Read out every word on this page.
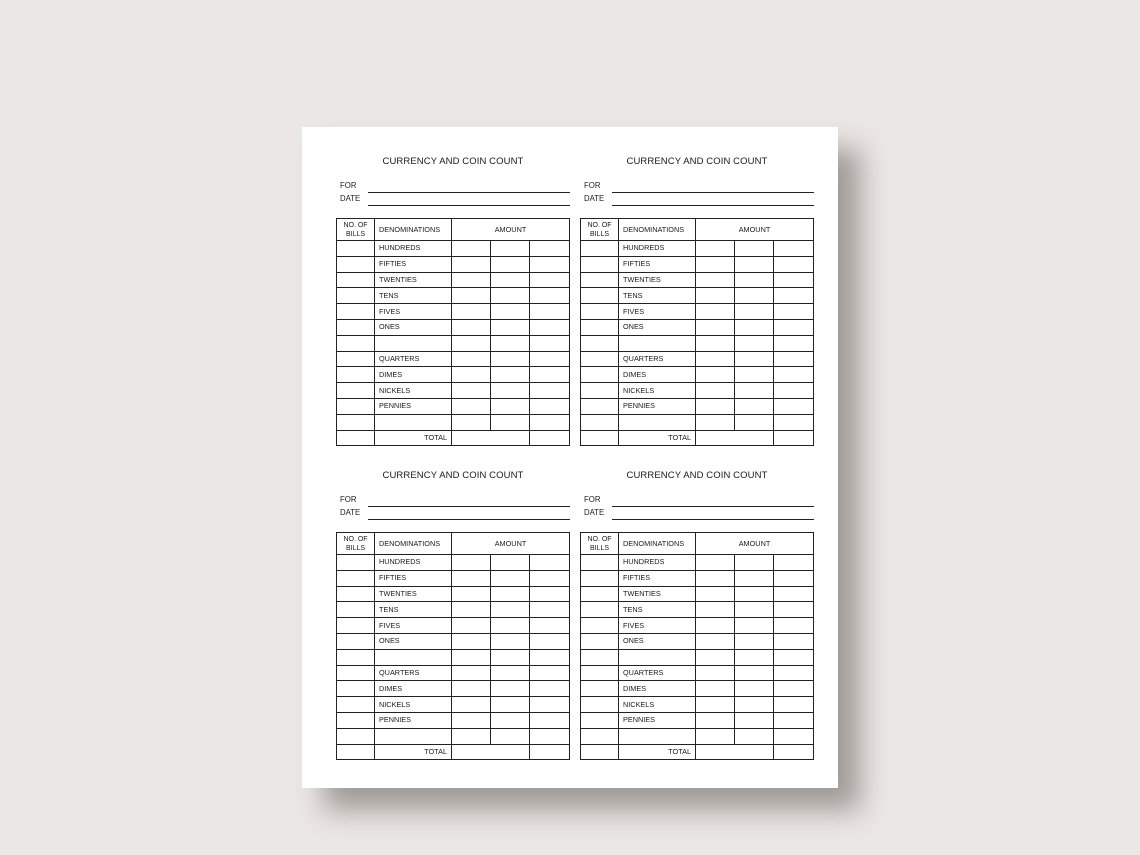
CURRENCY AND COIN COUNT
FOR
DATE
NO. OF
BILLS	DENOMINATIONS	AMOUNT		
	HUNDREDS			
	FIFTIES			
	TWENTIES			
	TENS			
	FIVES			
	ONES			

	QUARTERS			
	DIMES			
	NICKELS			
	PENNIES			

	TOTAL			
CURRENCY AND COIN COUNT
FOR
DATE
NO. OF
BILLS	DENOMINATIONS	AMOUNT		
	HUNDREDS			
	FIFTIES			
	TWENTIES			
	TENS			
	FIVES			
	ONES			

	QUARTERS			
	DIMES			
	NICKELS			
	PENNIES			

	TOTAL			
CURRENCY AND COIN COUNT
FOR
DATE
NO. OF
BILLS	DENOMINATIONS	AMOUNT		
	HUNDREDS			
	FIFTIES			
	TWENTIES			
	TENS			
	FIVES			
	ONES			

	QUARTERS			
	DIMES			
	NICKELS			
	PENNIES			

	TOTAL			
CURRENCY AND COIN COUNT
FOR
DATE
NO. OF
BILLS	DENOMINATIONS	AMOUNT		
	HUNDREDS			
	FIFTIES			
	TWENTIES			
	TENS			
	FIVES			
	ONES			

	QUARTERS			
	DIMES			
	NICKELS			
	PENNIES			

	TOTAL			
